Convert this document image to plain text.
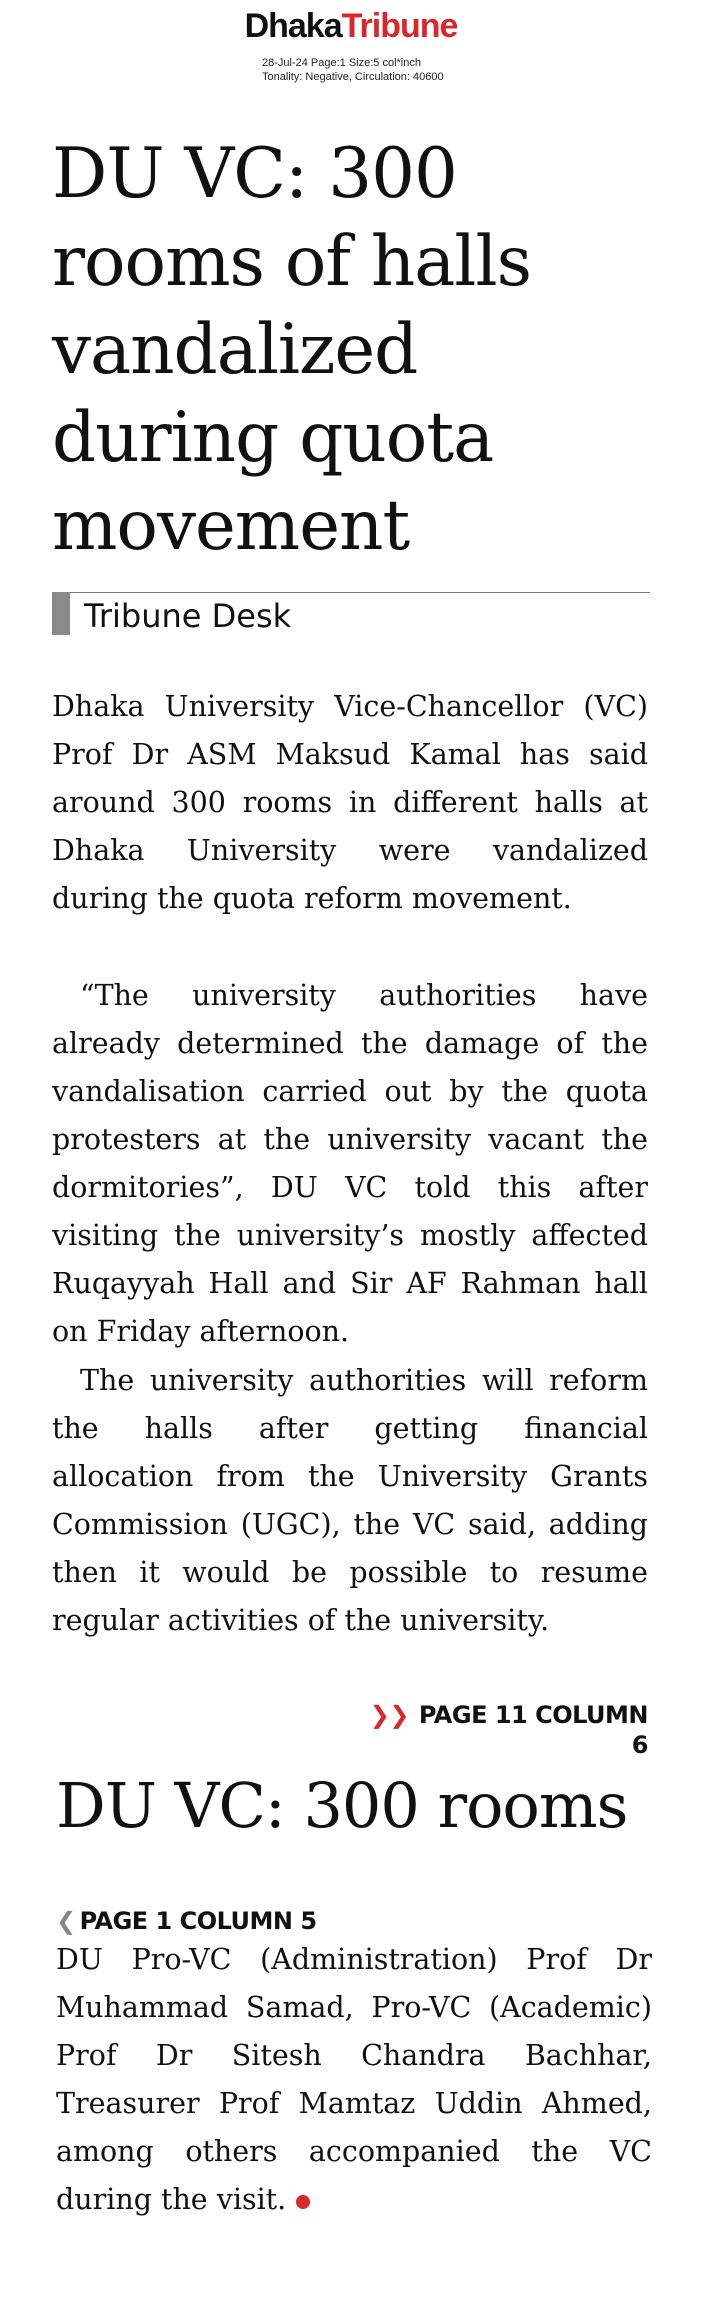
DhakaTribune
28-Jul-24 Page:1 Size:5 col*inch
Tonality: Negative, Circulation: 40600
DU VC: 300 rooms of halls vandalized during quota movement
Tribune Desk

Dhaka University Vice-Chancellor (VC) Prof Dr ASM Maksud Kamal has said around 300 rooms in different halls at Dhaka University were vandalized during the quota reform movement.

“The university authorities have already determined the damage of the vandalisation carried out by the quota protesters at the university vacant the dormitories”, DU VC told this after visiting the university’s mostly affected Ruqayyah Hall and Sir AF Rahman hall on Friday afternoon.

The university authorities will reform the halls after getting financial allocation from the University Grants Commission (UGC), the VC said, adding then it would be possible to resume regular activities of the university.

❯❯ PAGE 11 COLUMN 6
DU VC: 300 rooms
❮ PAGE 1 COLUMN 5

DU Pro-VC (Administration) Prof Dr Muhammad Samad, Pro-VC (Academic) Prof Dr Sitesh Chandra Bachhar, Treasurer Prof Mamtaz Uddin Ahmed, among others accompanied the VC during the visit.
